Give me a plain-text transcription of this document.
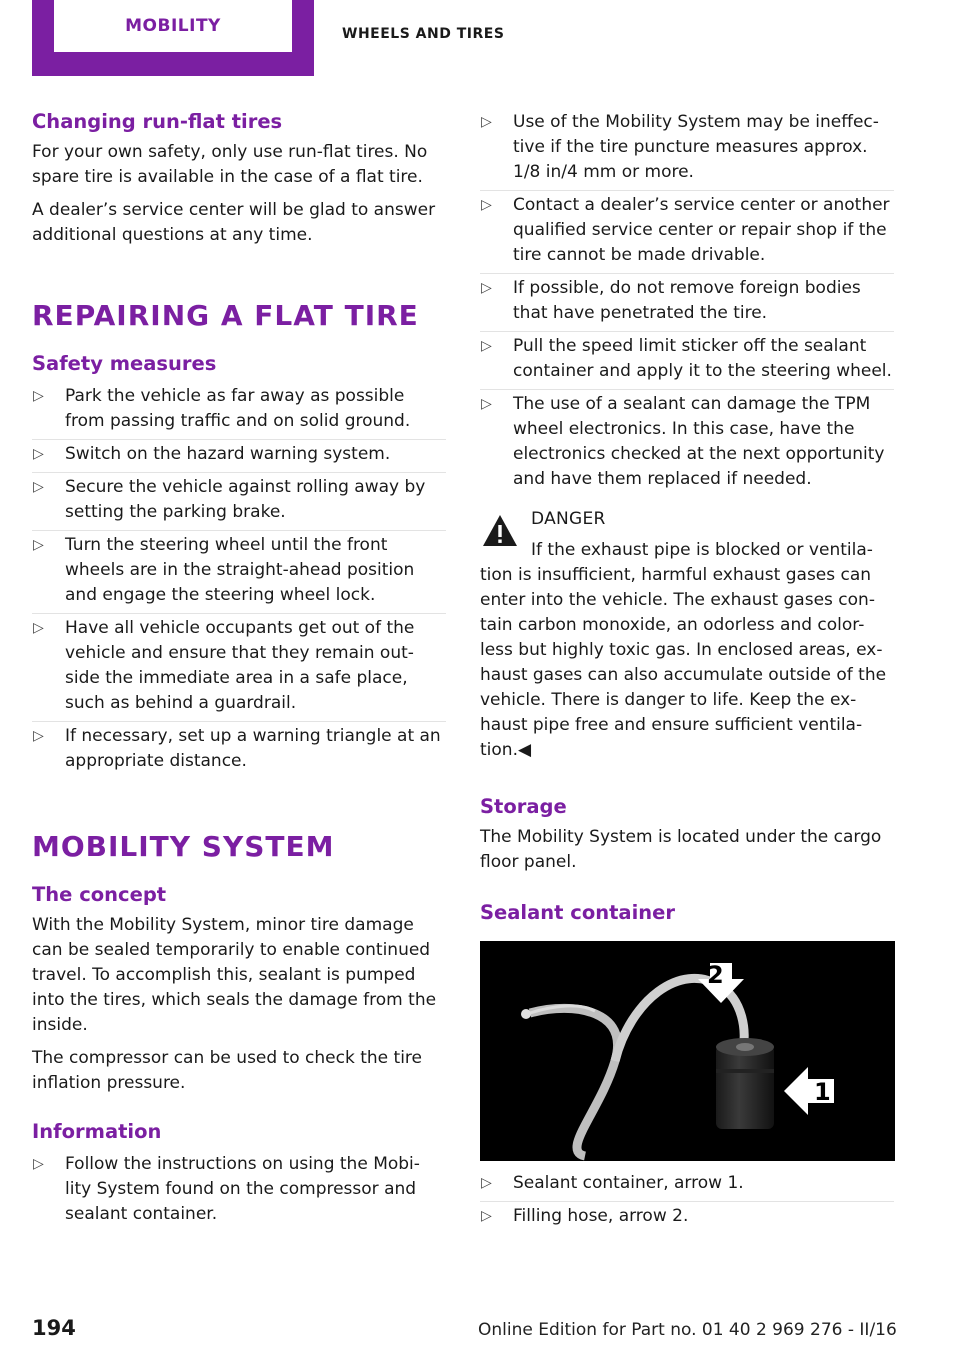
MOBILITY	WHEELS AND TIRES
Changing run-flat tires

For your own safety, only use run-flat tires. No spare tire is available in the case of a flat tire.

A dealer’s service center will be glad to answer additional questions at any time.

REPAIRING A FLAT TIRE
Safety measures
▷ Park the vehicle as far away as possible from passing traffic and on solid ground.
▷ Switch on the hazard warning system.
▷ Secure the vehicle against rolling away by setting the parking brake.
▷ Turn the steering wheel until the front wheels are in the straight-ahead position and engage the steering wheel lock.
▷ Have all vehicle occupants get out of the vehicle and ensure that they remain out-side the immediate area in a safe place, such as behind a guardrail.
▷ If necessary, set up a warning triangle at an appropriate distance.
MOBILITY SYSTEM
The concept

With the Mobility System, minor tire damage can be sealed temporarily to enable continued travel. To accomplish this, sealant is pumped into the tires, which seals the damage from the inside.

The compressor can be used to check the tire inflation pressure.

Information
▷ Follow the instructions on using the Mobi-lity System found on the compressor and sealant container.
▷ Use of the Mobility System may be ineffec-tive if the tire puncture measures approx. 1/8 in/4 mm or more.
▷ Contact a dealer’s service center or another qualified service center or repair shop if the tire cannot be made drivable.
▷ If possible, do not remove foreign bodies that have penetrated the tire.
▷ Pull the speed limit sticker off the sealant container and apply it to the steering wheel.
▷ The use of a sealant can damage the TPM wheel electronics. In this case, have the electronics checked at the next opportunity and have them replaced if needed.
DANGER
If the exhaust pipe is blocked or ventila-tion is insufficient, harmful exhaust gases can enter into the vehicle. The exhaust gases con-tain carbon monoxide, an odorless and color-less but highly toxic gas. In enclosed areas, ex-haust gases can also accumulate outside of the vehicle. There is danger to life. Keep the ex-haust pipe free and ensure sufficient ventila-tion.◀
Storage

The Mobility System is located under the cargo floor panel.

Sealant container
2
1
▷ Sealant container, arrow 1.
▷ Filling hose, arrow 2.
194	Online Edition for Part no. 01 40 2 969 276 - II/16
